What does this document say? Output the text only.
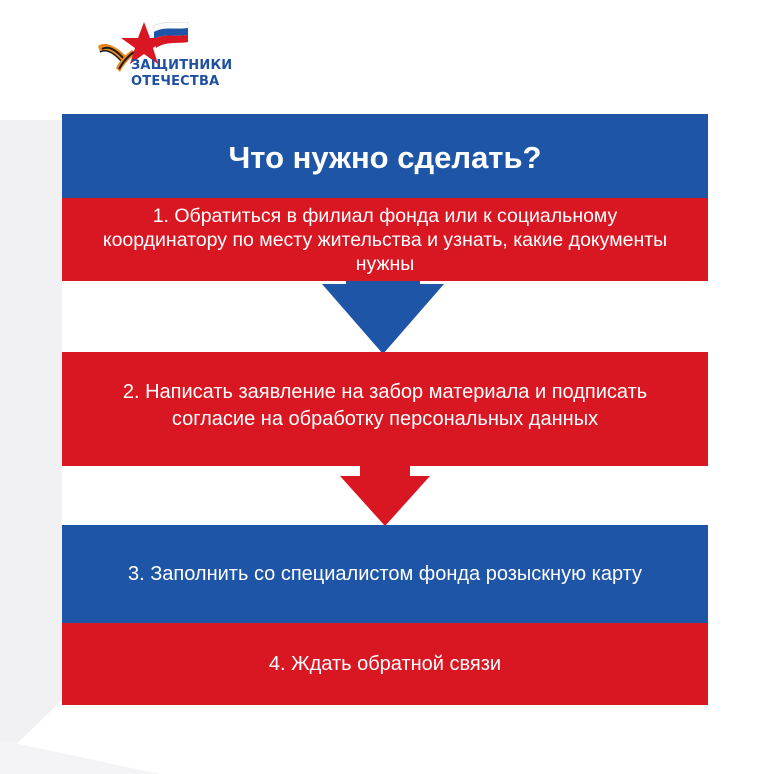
ЗАЩИТНИКИ
ОТЕЧЕСТВА
Что нужно сделать?
1. Обратиться в филиал фонда или к социальному координатору по месту жительства и узнать, какие документы нужны
2. Написать заявление на забор материала и подписать согласие на обработку персональных данных
3. Заполнить со специалистом фонда розыскную карту
4. Ждать обратной связи
